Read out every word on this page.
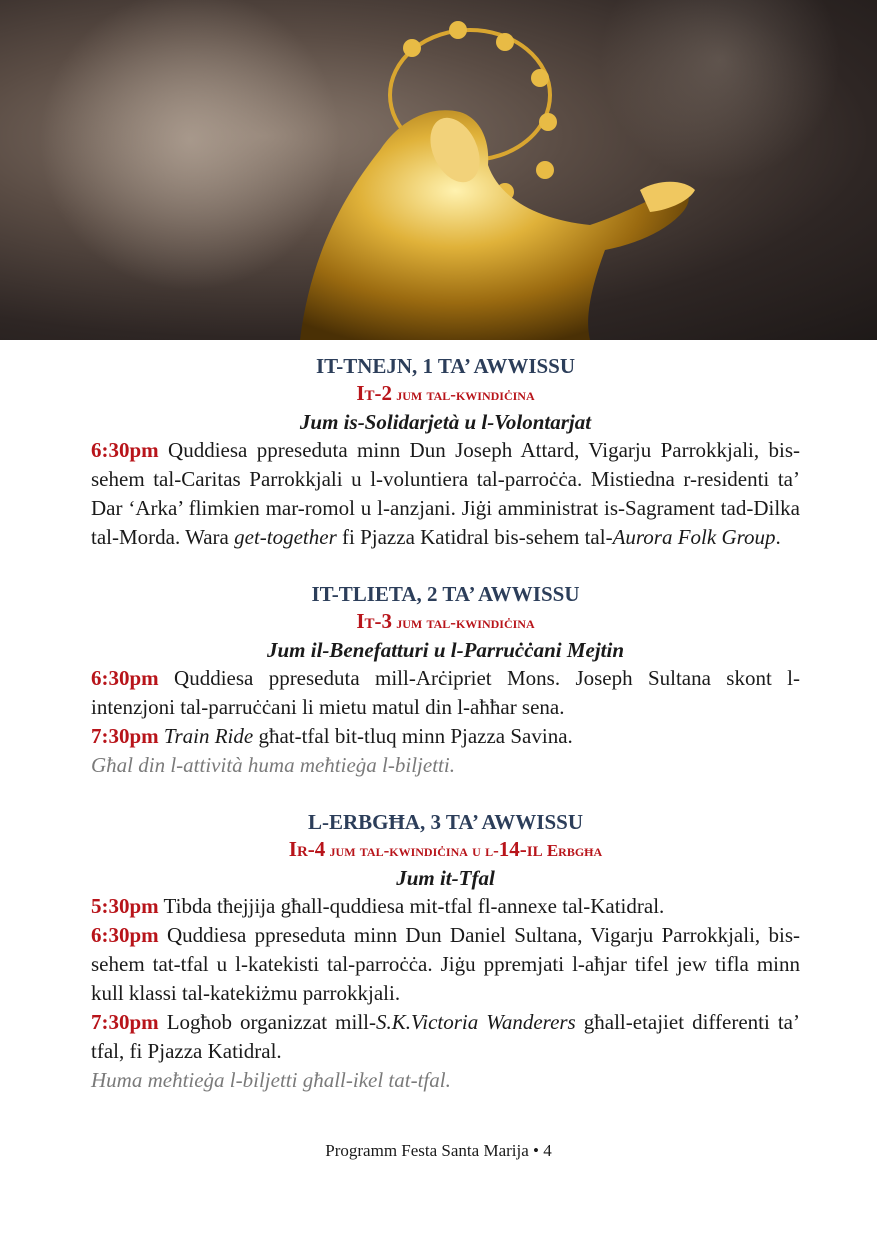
IT-TNEJN, 1 TA’ AWWISSU

It-2 jum tal-kwindiċina

Jum is-Solidarjetà u l-Volontarjat

6:30pm Quddiesa ppreseduta minn Dun Joseph Attard, Vigarju Parrokkjali, bis-sehem tal-Caritas Parrokkjali u l-voluntiera tal-parroċċa. Mistiedna r-residenti ta’ Dar ‘Arka’ flimkien mar-romol u l-anzjani. Jiġi amministrat is-Sagrament tad-Dilka tal-Morda. Wara get-together fi Pjazza Katidral bis-sehem tal-Aurora Folk Group.

IT-TLIETA, 2 TA’ AWWISSU

It-3 jum tal-kwindiċina

Jum il-Benefatturi u l-Parruċċani Mejtin

6:30pm Quddiesa ppreseduta mill-Arċipriet Mons. Joseph Sultana skont l-intenzjoni tal-parruċċani li mietu matul din l-aħħar sena.

7:30pm Train Ride għat-tfal bit-tluq minn Pjazza Savina.

Għal din l-attività huma meħtieġa l-biljetti.

L-ERBGĦA, 3 TA’ AWWISSU

Ir-4 jum tal-kwindiċina u l-14-il Erbgħa

Jum it-Tfal

5:30pm Tibda tħejjija għall-quddiesa mit-tfal fl-annexe tal-Katidral.

6:30pm Quddiesa ppreseduta minn Dun Daniel Sultana, Vigarju Parrokkjali, bis-sehem tat-tfal u l-katekisti tal-parroċċa. Jiġu ppremjati l-aħjar tifel jew tifla minn kull klassi tal-katekiżmu parrokkjali.

7:30pm Logħob organizzat mill-S.K.Victoria Wanderers għall-etajiet differenti ta’ tfal, fi Pjazza Katidral.

Huma meħtieġa l-biljetti għall-ikel tat-tfal.

Programm Festa Santa Marija • 4
